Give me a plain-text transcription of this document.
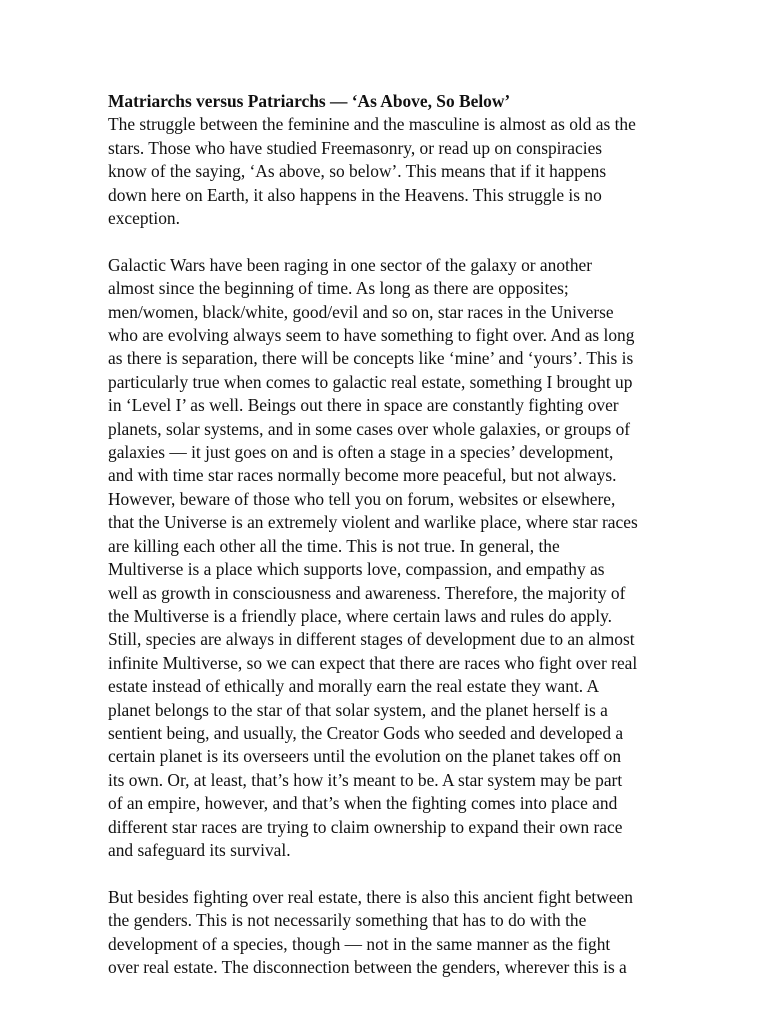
Matriarchs versus Patriarchs — ‘As Above, So Below’
The struggle between the feminine and the masculine is almost as old as the
stars. Those who have studied Freemasonry, or read up on conspiracies
know of the saying, ‘As above, so below’. This means that if it happens
down here on Earth, it also happens in the Heavens. This struggle is no
exception.
Galactic Wars have been raging in one sector of the galaxy or another
almost since the beginning of time. As long as there are opposites;
men/women, black/white, good/evil and so on, star races in the Universe
who are evolving always seem to have something to fight over. And as long
as there is separation, there will be concepts like ‘mine’ and ‘yours’. This is
particularly true when comes to galactic real estate, something I brought up
in ‘Level I’ as well. Beings out there in space are constantly fighting over
planets, solar systems, and in some cases over whole galaxies, or groups of
galaxies — it just goes on and is often a stage in a species’ development,
and with time star races normally become more peaceful, but not always.
However, beware of those who tell you on forum, websites or elsewhere,
that the Universe is an extremely violent and warlike place, where star races
are killing each other all the time. This is not true. In general, the
Multiverse is a place which supports love, compassion, and empathy as
well as growth in consciousness and awareness. Therefore, the majority of
the Multiverse is a friendly place, where certain laws and rules do apply.
Still, species are always in different stages of development due to an almost
infinite Multiverse, so we can expect that there are races who fight over real
estate instead of ethically and morally earn the real estate they want. A
planet belongs to the star of that solar system, and the planet herself is a
sentient being, and usually, the Creator Gods who seeded and developed a
certain planet is its overseers until the evolution on the planet takes off on
its own. Or, at least, that’s how it’s meant to be. A star system may be part
of an empire, however, and that’s when the fighting comes into place and
different star races are trying to claim ownership to expand their own race
and safeguard its survival.
But besides fighting over real estate, there is also this ancient fight between
the genders. This is not necessarily something that has to do with the
development of a species, though — not in the same manner as the fight
over real estate. The disconnection between the genders, wherever this is a
